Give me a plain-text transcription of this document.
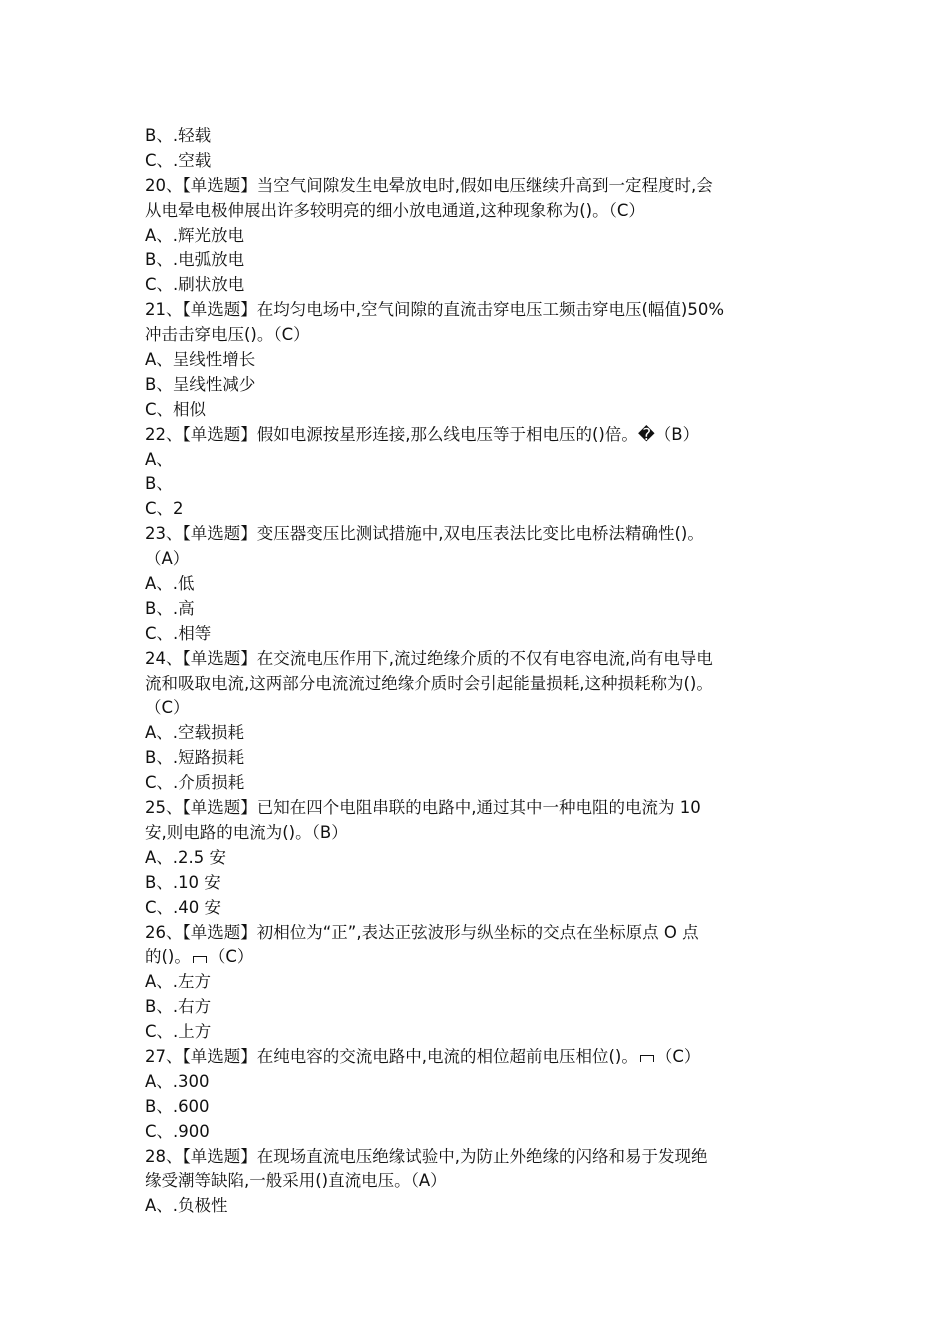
B、.轻载
C、.空载
20、【单选题】当空气间隙发生电晕放电时,假如电压继续升高到一定程度时,会
从电晕电极伸展出许多较明亮的细小放电通道,这种现象称为()。（C）
A、.辉光放电
B、.电弧放电
C、.刷状放电
21、【单选题】在均匀电场中,空气间隙的直流击穿电压工频击穿电压(幅值)50%
冲击击穿电压()。（C）
A、呈线性增长
B、呈线性减少
C、相似
22、【单选题】假如电源按星形连接,那么线电压等于相电压的()倍。�（B）
A、
B、
C、2
23、【单选题】变压器变压比测试措施中,双电压表法比变比电桥法精确性()。
（A）
A、.低
B、.高
C、.相等
24、【单选题】在交流电压作用下,流过绝缘介质的不仅有电容电流,尚有电导电
流和吸取电流,这两部分电流流过绝缘介质时会引起能量损耗,这种损耗称为()。
（C）
A、.空载损耗
B、.短路损耗
C、.介质损耗
25、【单选题】已知在四个电阻串联的电路中,通过其中一种电阻的电流为 10
安,则电路的电流为()。（B）
A、.2.5 安
B、.10 安
C、.40 安
26、【单选题】初相位为“正”,表达正弦波形与纵坐标的交点在坐标原点 O 点
的()。 （C）
A、.左方
B、.右方
C、.上方
27、【单选题】在纯电容的交流电路中,电流的相位超前电压相位()。 （C）
A、.300
B、.600
C、.900
28、【单选题】在现场直流电压绝缘试验中,为防止外绝缘的闪络和易于发现绝
缘受潮等缺陷,一般采用()直流电压。（A）
A、.负极性
